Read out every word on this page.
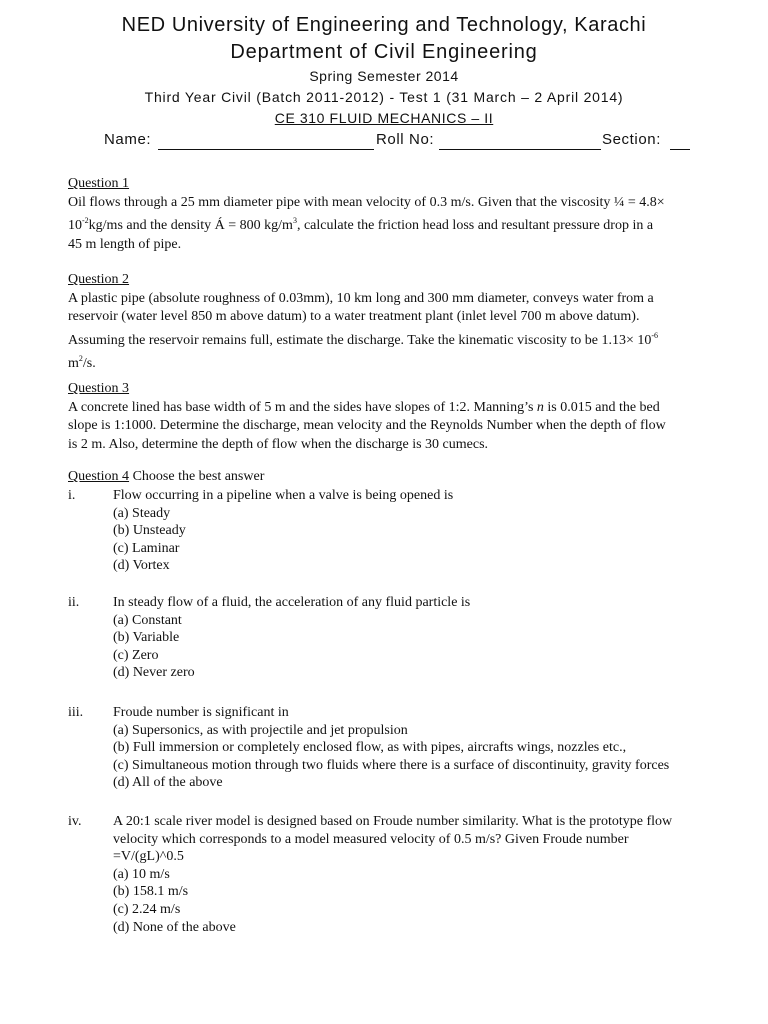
NED University of Engineering and Technology, Karachi
Department of Civil Engineering
Spring Semester 2014
Third Year Civil (Batch 2011-2012) - Test 1 (31 March – 2 April 2014)
CE 310 FLUID MECHANICS – II
Name:	Roll No:	Section:

Question 1

Oil flows through a 25 mm diameter pipe with mean velocity of 0.3 m/s. Given that the viscosity ¼ = 4.8×

$10^{-2}kg/ms$ and the density Á = 800 $kg/m^3$, calculate the friction head loss and resultant pressure drop in a

45 m length of pipe.

Question 2

A plastic pipe (absolute roughness of 0.03mm), 10 km long and 300 mm diameter, conveys water from a

reservoir (water level 850 m above datum) to a water treatment plant (inlet level 700 m above datum).

Assuming the reservoir remains full, estimate the discharge. Take the kinematic viscosity to be $1.13\times 10^{-6}$

$m^2/s$.

Question 3

A concrete lined has base width of 5 m and the sides have slopes of 1:2. Manning’s n is 0.015 and the bed

slope is 1:1000. Determine the discharge, mean velocity and the Reynolds Number when the depth of flow

is 2 m. Also, determine the depth of flow when the discharge is 30 cumecs.

Question 4 Choose the best answer

i.	Flow occurring in a pipeline when a valve is being opened is
(a) Steady
(b) Unsteady
(c) Laminar
(d) Vortex
ii. In steady flow of a fluid, the acceleration of any fluid particle is
(a) Constant
(b) Variable
(c) Zero
(d) Never zero
iii. Froude number is significant in
(a) Supersonics, as with projectile and jet propulsion
(b) Full immersion or completely enclosed flow, as with pipes, aircrafts wings, nozzles etc.,
(c) Simultaneous motion through two fluids where there is a surface of discontinuity, gravity forces
(d) All of the above
iv. A 20:1 scale river model is designed based on Froude number similarity. What is the prototype flow
velocity which corresponds to a model measured velocity of 0.5 m/s? Given Froude number
=V/(gL)^0.5
(a) 10 m/s
(b) 158.1 m/s
(c) 2.24 m/s
(d) None of the above
